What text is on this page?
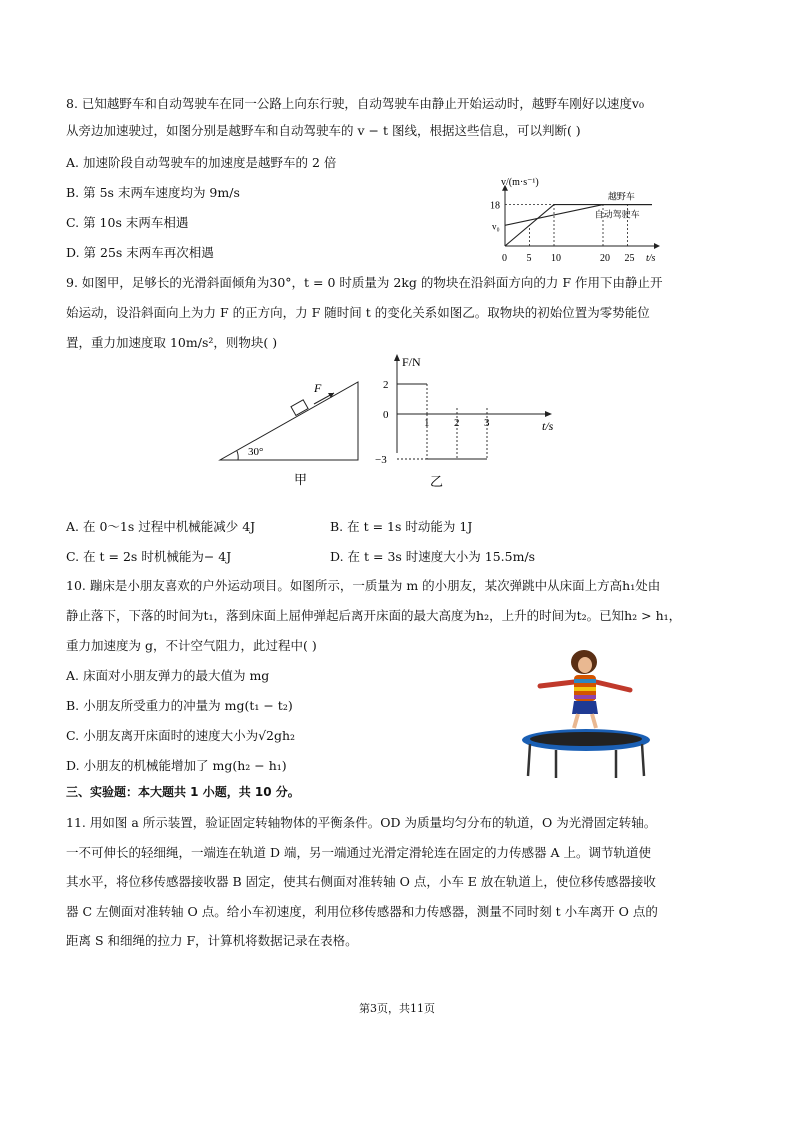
8. 已知越野车和自动驾驶车在同一公路上向东行驶，自动驾驶车由静止开始运动时，越野车刚好以速度v₀
从旁边加速驶过，如图分别是越野车和自动驾驶车的 v − t 图线，根据这些信息，可以判断( )
A. 加速阶段自动驾驶车的加速度是越野车的 2 倍
B. 第 5s 末两车速度均为 9m/s
C. 第 10s 末两车相遇
D. 第 25s 末两车再次相遇
v/(m·s⁻¹)
t/s
越野车
自动驾驶车
0 5 10	20 25
v₀
18
9. 如图甲，足够长的光滑斜面倾角为30°，t = 0 时质量为 2kg 的物块在沿斜面方向的力 F 作用下由静止开
始运动，设沿斜面向上为力 F 的正方向，力 F 随时间 t 的变化关系如图乙。取物块的初始位置为零势能位
置，重力加速度取 10m/s²，则物块( )
30°
F
甲
F/N
t/s
1 2 3
2
0
−3
乙
A. 在 0～1s 过程中机械能减少 4J	B. 在 t = 1s 时动能为 1J
C. 在 t = 2s 时机械能为− 4J	D. 在 t = 3s 时速度大小为 15.5m/s
10. 蹦床是小朋友喜欢的户外运动项目。如图所示，一质量为 m 的小朋友，某次弹跳中从床面上方高h₁处由
静止落下，下落的时间为t₁，落到床面上屈伸弹起后离开床面的最大高度为h₂，上升的时间为t₂。已知h₂ > h₁，
重力加速度为 g，不计空气阻力，此过程中( )
A. 床面对小朋友弹力的最大值为 mg
B. 小朋友所受重力的冲量为 mg(t₁ − t₂)
C. 小朋友离开床面时的速度大小为√2gh₂
D. 小朋友的机械能增加了 mg(h₂ − h₁)
三、实验题：本大题共 1 小题，共 10 分。
11. 用如图 a 所示装置，验证固定转轴物体的平衡条件。OD 为质量均匀分布的轨道，O 为光滑固定转轴。
一不可伸长的轻细绳，一端连在轨道 D 端，另一端通过光滑定滑轮连在固定的力传感器 A 上。调节轨道使
其水平，将位移传感器接收器 B 固定，使其右侧面对准转轴 O 点，小车 E 放在轨道上，使位移传感器接收
器 C 左侧面对准转轴 O 点。给小车初速度，利用位移传感器和力传感器，测量不同时刻 t 小车离开 O 点的
距离 S 和细绳的拉力 F，计算机将数据记录在表格。
第3页，共11页
